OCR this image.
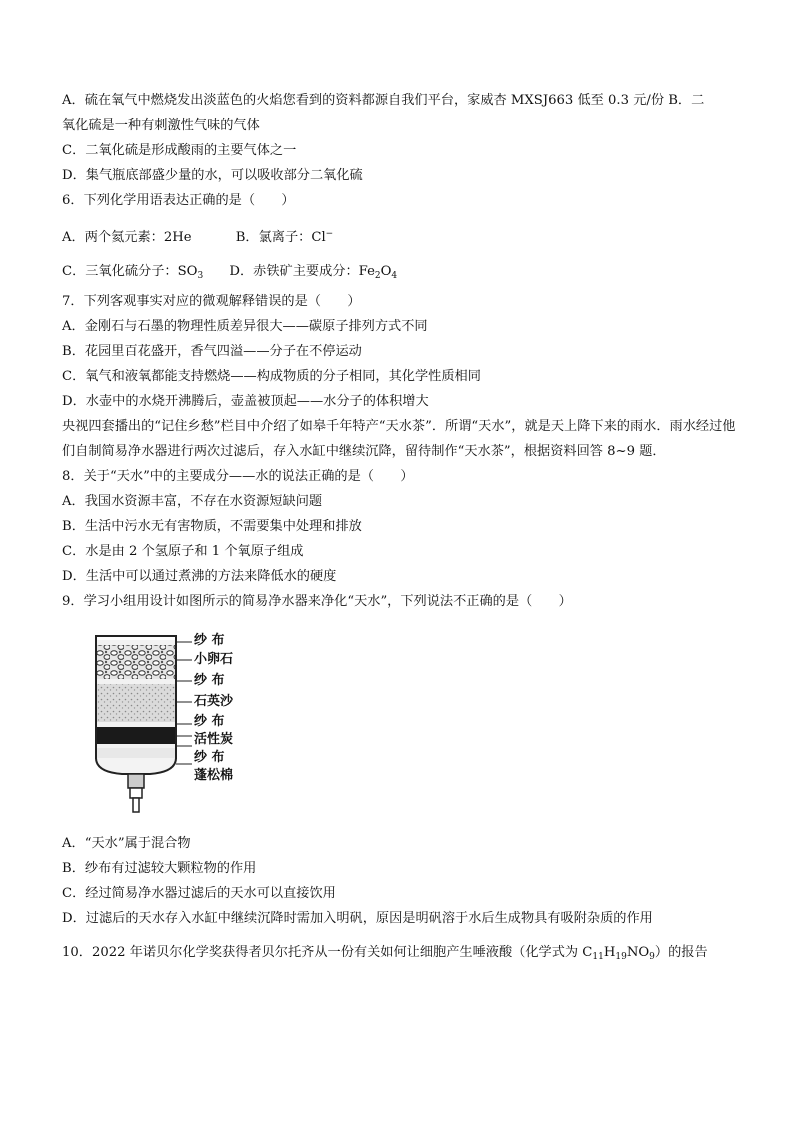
A．硫在氧气中燃烧发出淡蓝色的火焰您看到的资料都源自我们平台，家威杏 MXSJ663 低至 0.3 元/份 B．二
氧化硫是一种有刺激性气味的气体
C．二氧化硫是形成酸雨的主要气体之一
D．集气瓶底部盛少量的水，可以吸收部分二氧化硫
6．下列化学用语表达正确的是（　　）
A．两个氦元素：2He	B．氯离子：Cl−
C．三氧化硫分子：$SO_3$ D．赤铁矿主要成分：$Fe_2O_4$
7．下列客观事实对应的微观解释错误的是（　　）
A．金刚石与石墨的物理性质差异很大——碳原子排列方式不同
B．花园里百花盛开，香气四溢——分子在不停运动
C．氧气和液氧都能支持燃烧——构成物质的分子相同，其化学性质相同
D．水壶中的水烧开沸腾后，壶盖被顶起——水分子的体积增大
央视四套播出的“记住乡愁”栏目中介绍了如皋千年特产“天水茶”．所谓“天水”，就是天上降下来的雨水．雨水经过他们自制简易净水器进行两次过滤后，存入水缸中继续沉降，留待制作“天水茶”，根据资料回答 8~9 题．
8．关于“天水”中的主要成分——水的说法正确的是（　　）
A．我国水资源丰富，不存在水资源短缺问题
B．生活中污水无有害物质，不需要集中处理和排放
C．水是由 2 个氢原子和 1 个氧原子组成
D．生活中可以通过煮沸的方法来降低水的硬度
9．学习小组用设计如图所示的简易净水器来净化“天水”，下列说法不正确的是（　　）
纱 布
小卵石
纱 布
石英沙
纱 布
活性炭
纱 布
蓬松棉
A．“天水”属于混合物
B．纱布有过滤较大颗粒物的作用
C．经过简易净水器过滤后的天水可以直接饮用
D．过滤后的天水存入水缸中继续沉降时需加入明矾，原因是明矾溶于水后生成物具有吸附杂质的作用
10．2022 年诺贝尔化学奖获得者贝尔托齐从一份有关如何让细胞产生唾液酸（化学式为 $C_{11}H_{19}NO_9$）的报告
